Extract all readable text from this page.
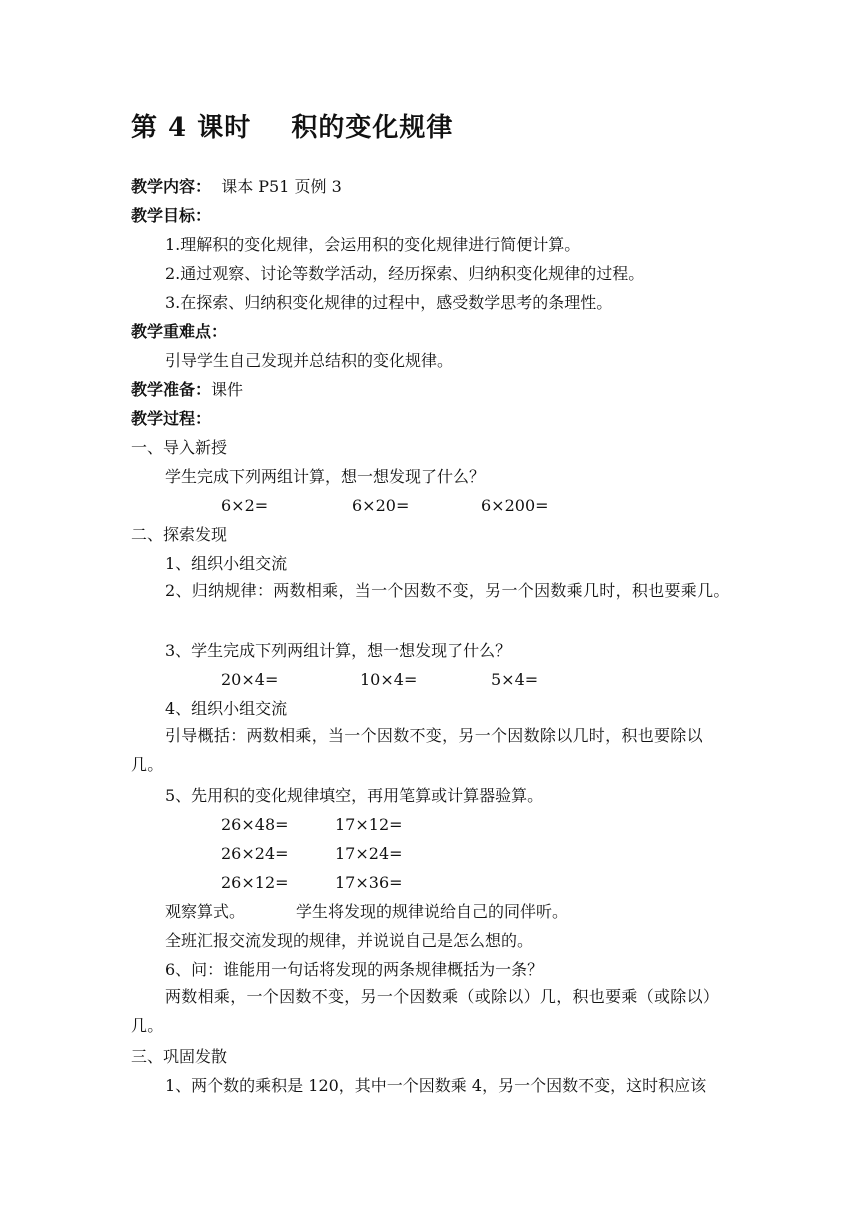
第 4 课时    积的变化规律

教学内容：  课本 P51 页例 3

教学目标：

1.理解积的变化规律，会运用积的变化规律进行简便计算。

2.通过观察、讨论等数学活动，经历探索、归纳积变化规律的过程。

3.在探索、归纳积变化规律的过程中，感受数学思考的条理性。

教学重难点：

引导学生自己发现并总结积的变化规律。

教学准备：课件

教学过程：

一、导入新授

学生完成下列两组计算，想一想发现了什么？

6×2=	6×20=	6×200=

二、探索发现

1、组织小组交流

2、归纳规律：两数相乘，当一个因数不变，另一个因数乘几时，积也要乘几。

3、学生完成下列两组计算，想一想发现了什么？

20×4=	10×4=	5×4=

4、组织小组交流

引导概括：两数相乘，当一个因数不变，另一个因数除以几时，积也要除以几。

5、先用积的变化规律填空，再用笔算或计算器验算。

26×48=	17×12=
26×24=	17×24=
26×12=	17×36=
观察算式。	学生将发现的规律说给自己的同伴听。

全班汇报交流发现的规律，并说说自己是怎么想的。

6、问：谁能用一句话将发现的两条规律概括为一条？

两数相乘，一个因数不变，另一个因数乘（或除以）几，积也要乘（或除以）几。

三、巩固发散

1、两个数的乘积是 120，其中一个因数乘 4，另一个因数不变，这时积应该
